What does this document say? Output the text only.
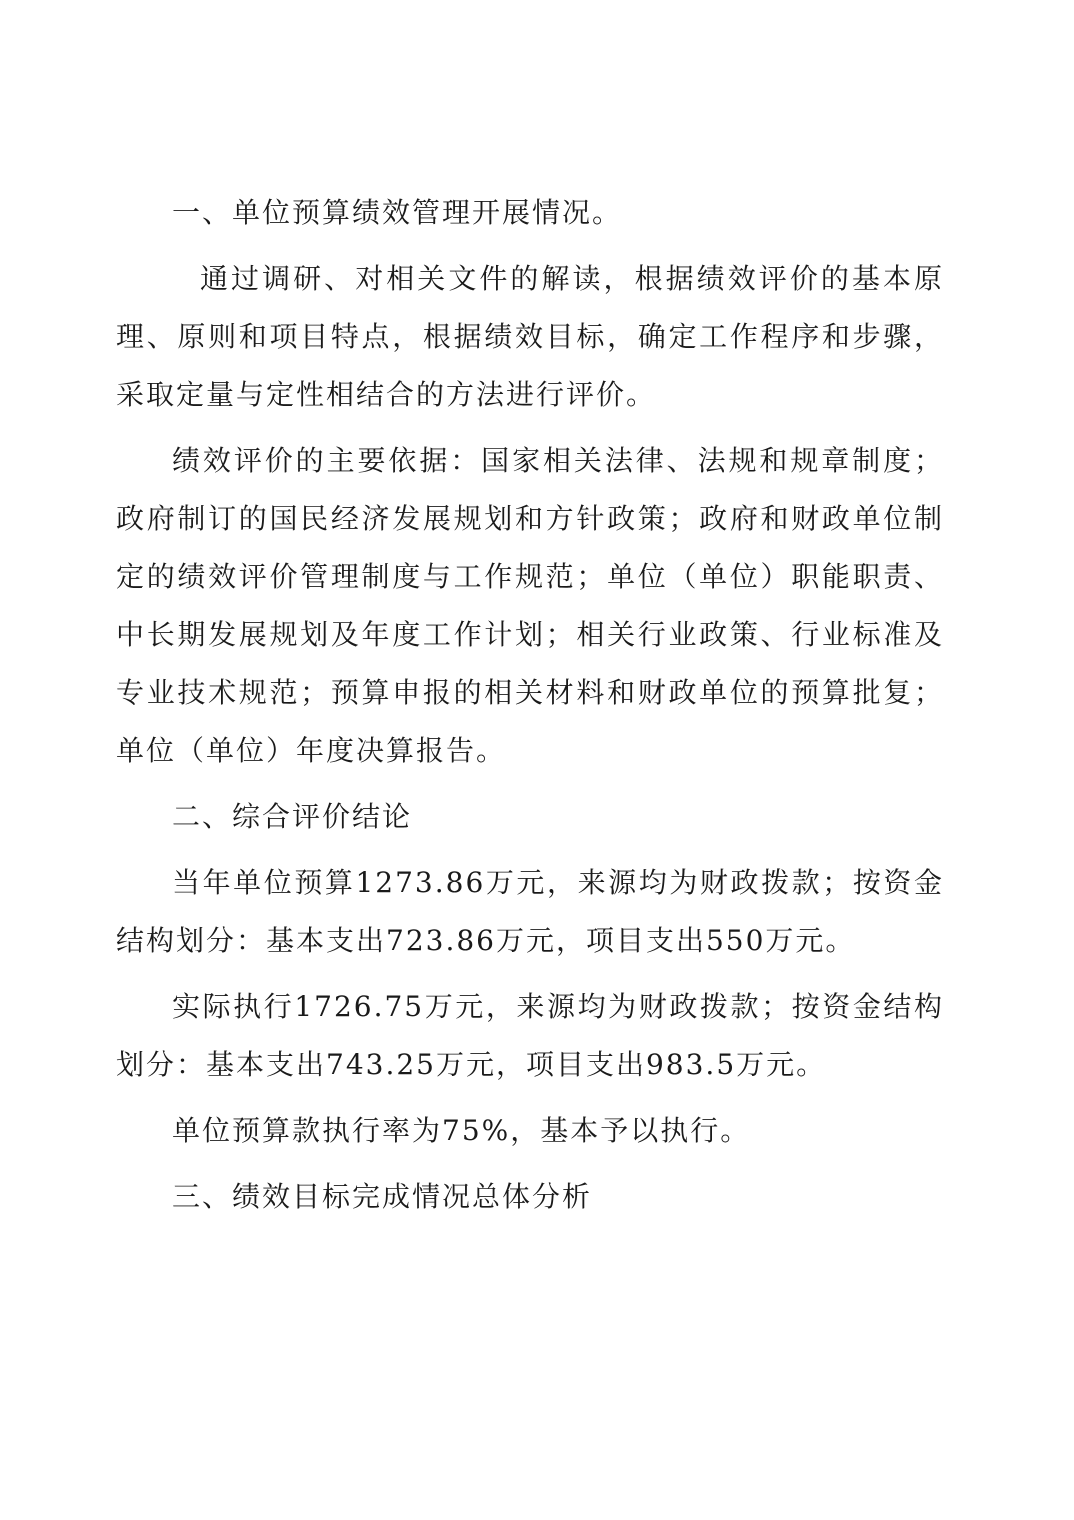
一、单位预算绩效管理开展情况。

通过调研、对相关文件的解读，根据绩效评价的基本原理、原则和项目特点，根据绩效目标，确定工作程序和步骤，采取定量与定性相结合的方法进行评价。

绩效评价的主要依据：国家相关法律、法规和规章制度；政府制订的国民经济发展规划和方针政策；政府和财政单位制定的绩效评价管理制度与工作规范；单位（单位）职能职责、中长期发展规划及年度工作计划；相关行业政策、行业标准及专业技术规范；预算申报的相关材料和财政单位的预算批复；单位（单位）年度决算报告。

二、综合评价结论

当年单位预算1273.86万元，来源均为财政拨款；按资金结构划分：基本支出723.86万元，项目支出550万元。

实际执行1726.75万元，来源均为财政拨款；按资金结构划分：基本支出743.25万元，项目支出983.5万元。

单位预算款执行率为75%，基本予以执行。

三、绩效目标完成情况总体分析
